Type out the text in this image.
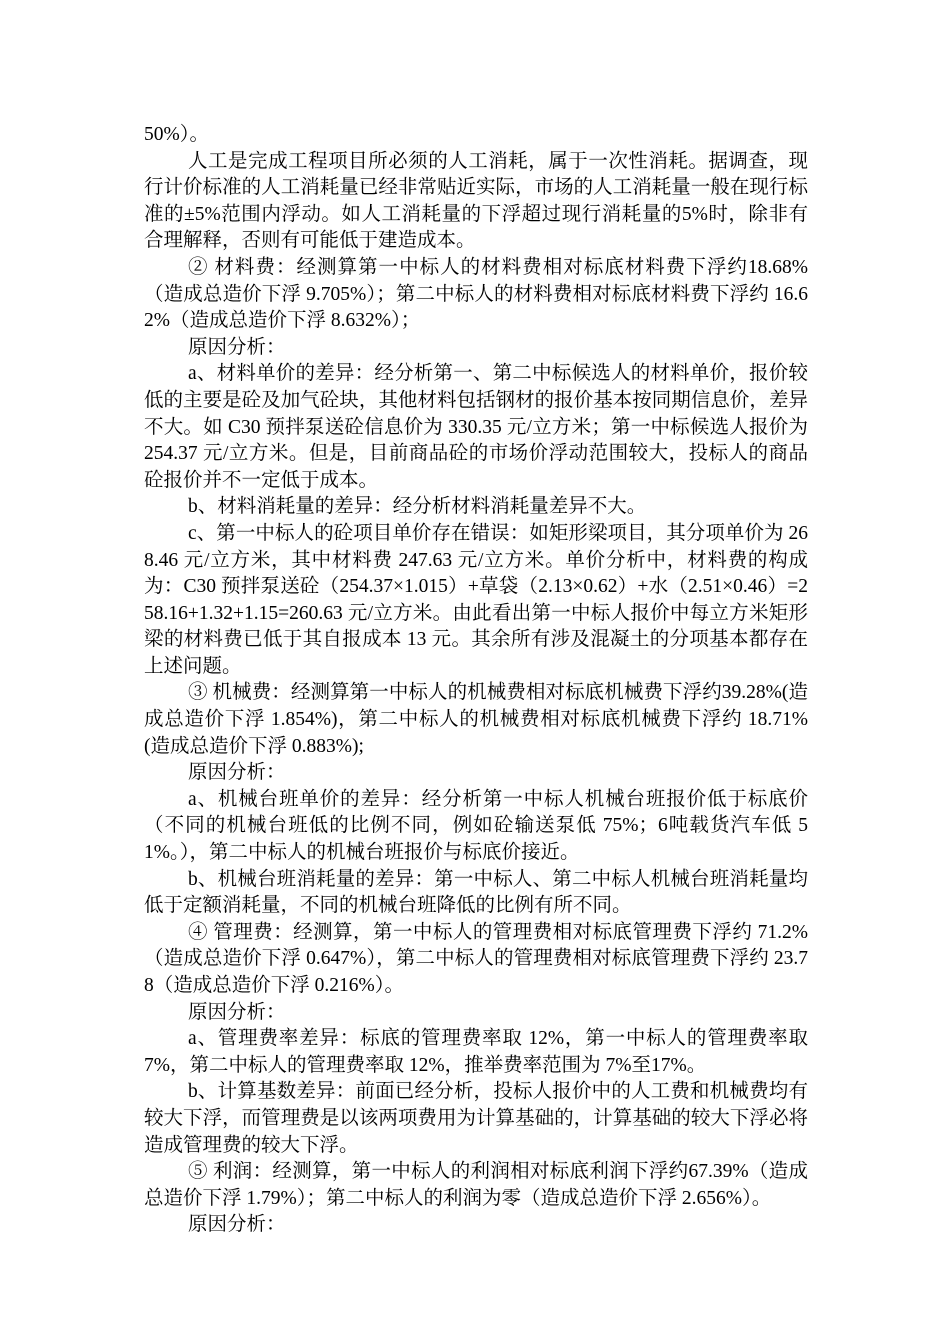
50%）。

人工是完成工程项目所必须的人工消耗，属于一次性消耗。据调查，现行计价标准的人工消耗量已经非常贴近实际，市场的人工消耗量一般在现行标准的±5%范围内浮动。如人工消耗量的下浮超过现行消耗量的5%时，除非有合理解释，否则有可能低于建造成本。

② 材料费：经测算第一中标人的材料费相对标底材料费下浮约18.68%（造成总造价下浮 9.705%）；第二中标人的材料费相对标底材料费下浮约 16.62%（造成总造价下浮 8.632%）；

原因分析：

a、材料单价的差异：经分析第一、第二中标候选人的材料单价，报价较低的主要是砼及加气砼块，其他材料包括钢材的报价基本按同期信息价，差异不大。如 C30 预拌泵送砼信息价为 330.35 元/立方米；第一中标候选人报价为 254.37 元/立方米。但是，目前商品砼的市场价浮动范围较大，投标人的商品砼报价并不一定低于成本。

b、材料消耗量的差异：经分析材料消耗量差异不大。

c、第一中标人的砼项目单价存在错误：如矩形梁项目，其分项单价为 268.46 元/立方米，其中材料费 247.63 元/立方米。单价分析中，材料费的构成为：C30 预拌泵送砼（254.37×1.015）+草袋（2.13×0.62）+水（2.51×0.46）=258.16+1.32+1.15=260.63 元/立方米。由此看出第一中标人报价中每立方米矩形梁的材料费已低于其自报成本 13 元。其余所有涉及混凝土的分项基本都存在上述问题。

③ 机械费：经测算第一中标人的机械费相对标底机械费下浮约39.28%(造成总造价下浮 1.854%)，第二中标人的机械费相对标底机械费下浮约 18.71%(造成总造价下浮 0.883%);

原因分析：

a、机械台班单价的差异：经分析第一中标人机械台班报价低于标底价（不同的机械台班低的比例不同，例如砼输送泵低 75%；6吨载货汽车低 51%。），第二中标人的机械台班报价与标底价接近。

b、机械台班消耗量的差异：第一中标人、第二中标人机械台班消耗量均低于定额消耗量，不同的机械台班降低的比例有所不同。

④ 管理费：经测算，第一中标人的管理费相对标底管理费下浮约 71.2%（造成总造价下浮 0.647%），第二中标人的管理费相对标底管理费下浮约 23.78（造成总造价下浮 0.216%）。

原因分析：

a、管理费率差异：标底的管理费率取 12%，第一中标人的管理费率取 7%，第二中标人的管理费率取 12%，推举费率范围为 7%至17%。

b、计算基数差异：前面已经分析，投标人报价中的人工费和机械费均有较大下浮，而管理费是以该两项费用为计算基础的，计算基础的较大下浮必将造成管理费的较大下浮。

⑤ 利润：经测算，第一中标人的利润相对标底利润下浮约67.39%（造成总造价下浮 1.79%）；第二中标人的利润为零（造成总造价下浮 2.656%）。

原因分析：
